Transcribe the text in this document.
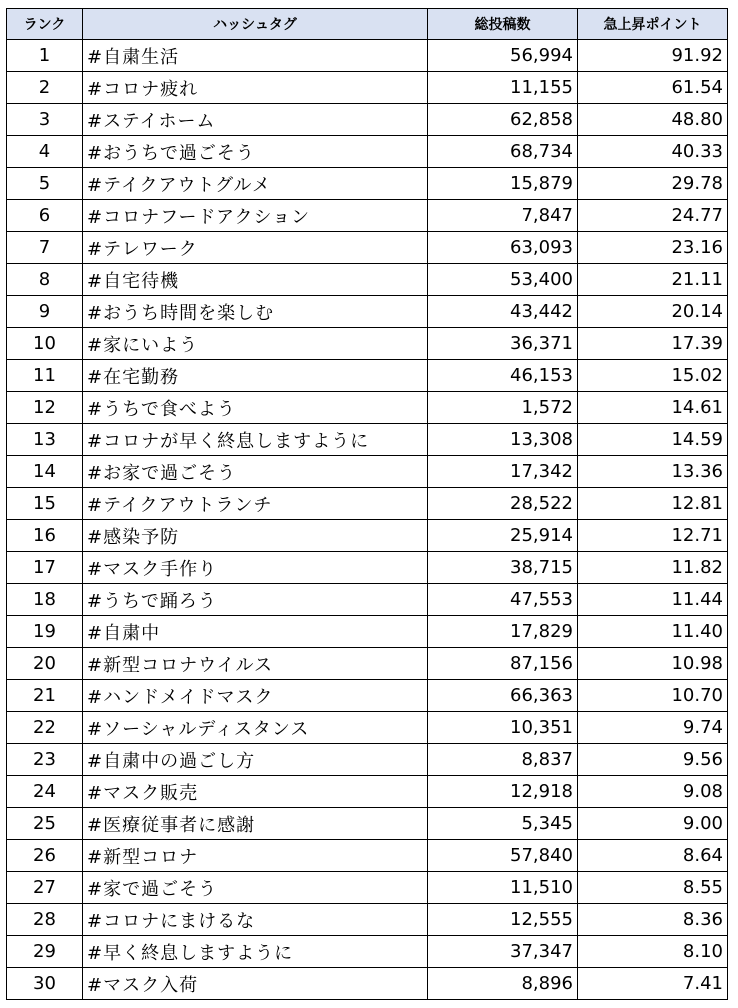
ランク	ハッシュタグ	総投稿数	急上昇ポイント
1	#自粛生活	56,994	91.92
2	#コロナ疲れ	11,155	61.54
3	#ステイホーム	62,858	48.80
4	#おうちで過ごそう	68,734	40.33
5	#テイクアウトグルメ	15,879	29.78
6	#コロナフードアクション	7,847	24.77
7	#テレワーク	63,093	23.16
8	#自宅待機	53,400	21.11
9	#おうち時間を楽しむ	43,442	20.14
10	#家にいよう	36,371	17.39
11	#在宅勤務	46,153	15.02
12	#うちで食べよう	1,572	14.61
13	#コロナが早く終息しますように	13,308	14.59
14	#お家で過ごそう	17,342	13.36
15	#テイクアウトランチ	28,522	12.81
16	#感染予防	25,914	12.71
17	#マスク手作り	38,715	11.82
18	#うちで踊ろう	47,553	11.44
19	#自粛中	17,829	11.40
20	#新型コロナウイルス	87,156	10.98
21	#ハンドメイドマスク	66,363	10.70
22	#ソーシャルディスタンス	10,351	9.74
23	#自粛中の過ごし方	8,837	9.56
24	#マスク販売	12,918	9.08
25	#医療従事者に感謝	5,345	9.00
26	#新型コロナ	57,840	8.64
27	#家で過ごそう	11,510	8.55
28	#コロナにまけるな	12,555	8.36
29	#早く終息しますように	37,347	8.10
30	#マスク入荷	8,896	7.41
